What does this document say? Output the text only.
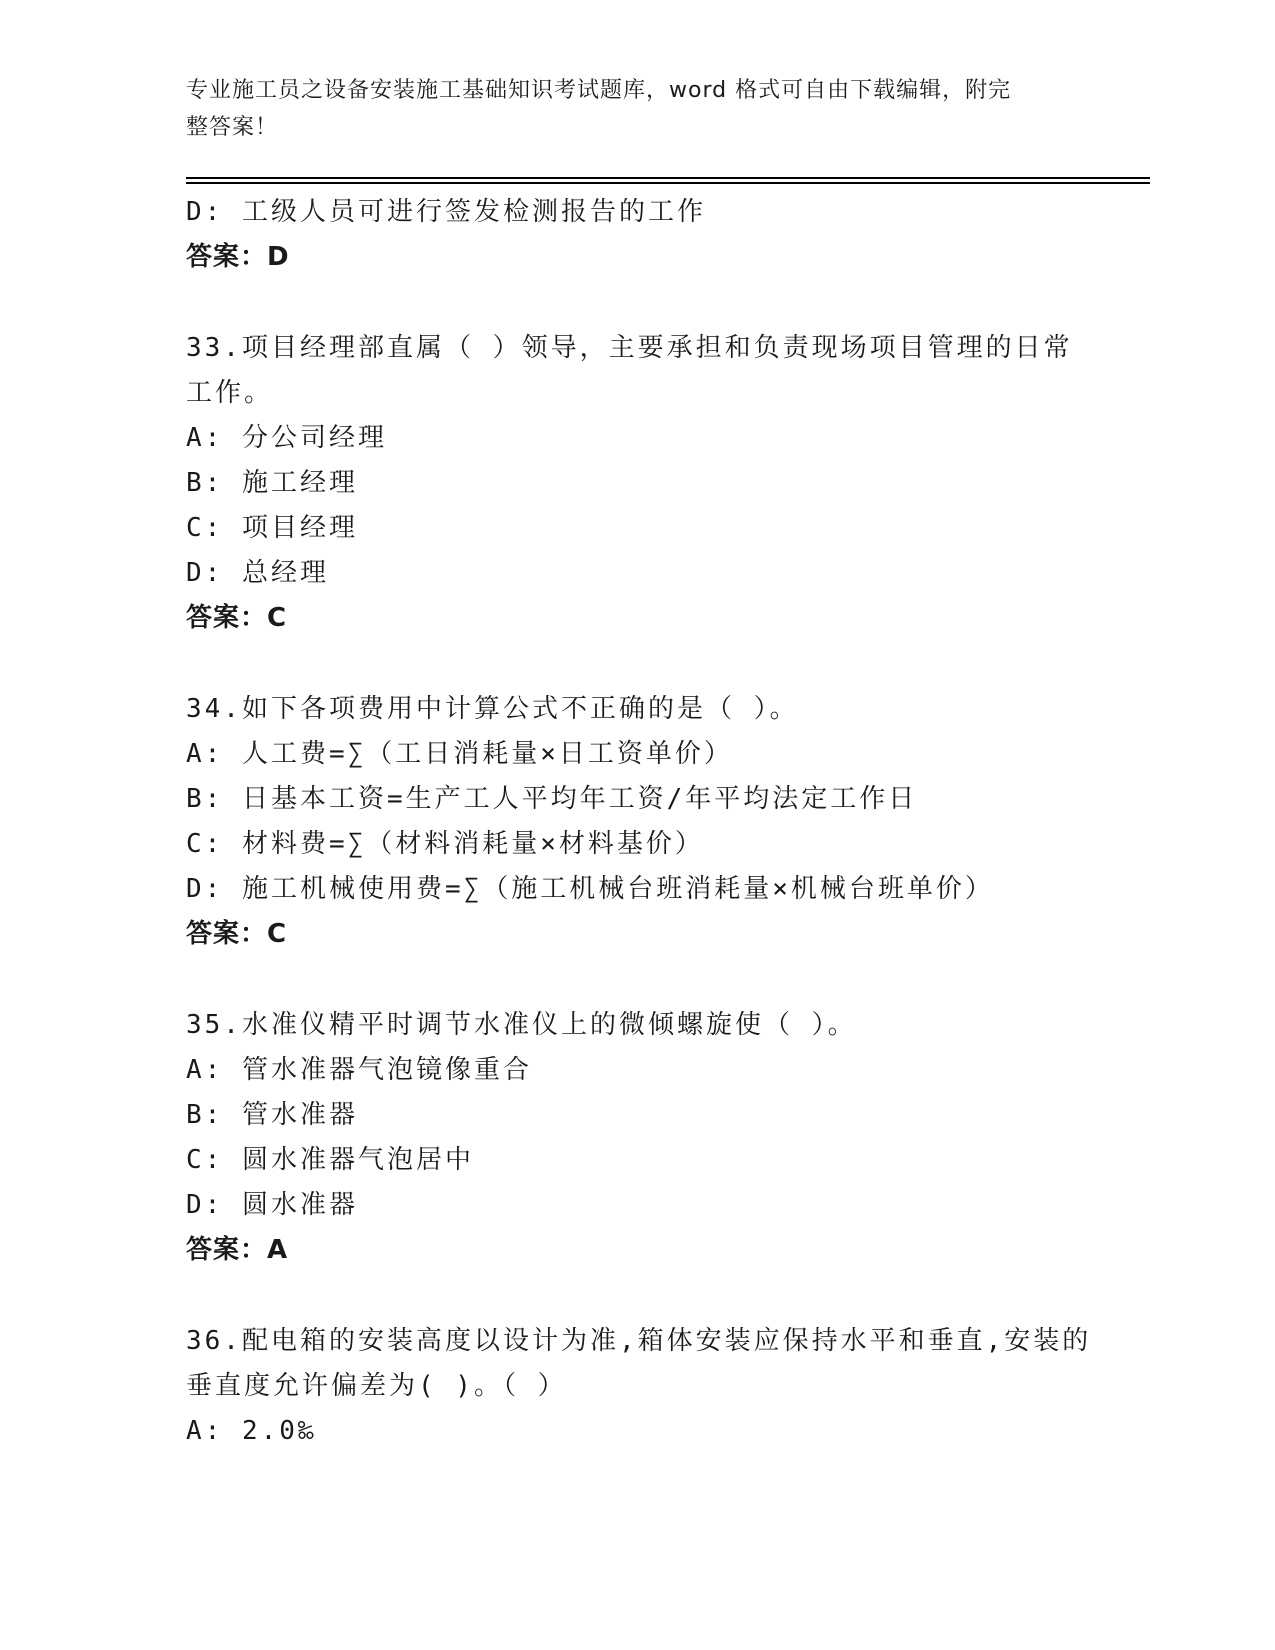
专业施工员之设备安装施工基础知识考试题库，word 格式可自由下载编辑，附完
整答案！
D: 工级人员可进行签发检测报告的工作
答案：D
33.项目经理部直属（ ）领导，主要承担和负责现场项目管理的日常
工作。
A: 分公司经理
B: 施工经理
C: 项目经理
D: 总经理
答案：C
34.如下各项费用中计算公式不正确的是（ ）。
A: 人工费=∑（工日消耗量×日工资单价）
B: 日基本工资=生产工人平均年工资/年平均法定工作日
C: 材料费=∑（材料消耗量×材料基价）
D: 施工机械使用费=∑（施工机械台班消耗量×机械台班单价）
答案：C
35.水准仪精平时调节水准仪上的微倾螺旋使（ ）。
A: 管水准器气泡镜像重合
B: 管水准器
C: 圆水准器气泡居中
D: 圆水准器
答案：A
36.配电箱的安装高度以设计为准,箱体安装应保持水平和垂直,安装的
垂直度允许偏差为( )。（ ）
A: 2.0‰
